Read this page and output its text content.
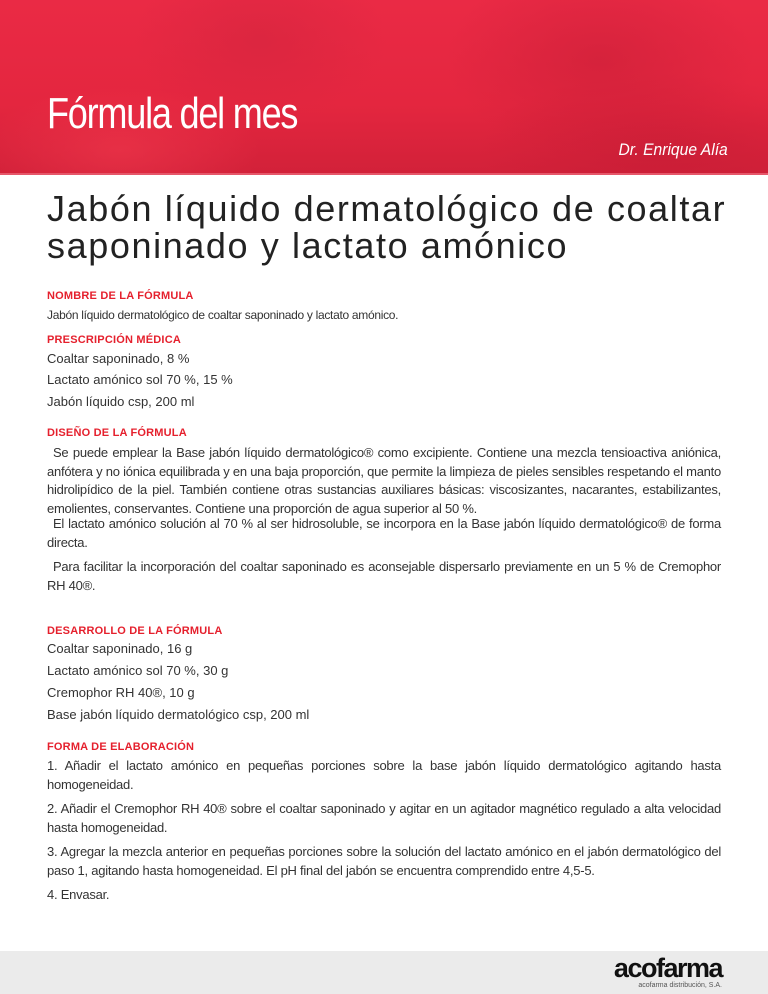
Fórmula del mes
Dr. Enrique Alía
Jabón líquido dermatológico de coaltar
saponinado y lactato amónico
NOMBRE DE LA FÓRMULA

Jabón líquido dermatológico de coaltar saponinado y lactato amónico.

PRESCRIPCIÓN MÉDICA

Coaltar saponinado, 8 %

Lactato amónico sol 70 %, 15 %

Jabón líquido csp, 200 ml

DISEÑO DE LA FÓRMULA

Se puede emplear la Base jabón líquido dermatológico® como excipiente. Contiene una mezcla tensioactiva aniónica, anfótera y no iónica equilibrada y en una baja proporción, que permite la limpieza de pieles sensibles respetando el manto hidrolipídico de la piel. También contiene otras sustancias auxiliares básicas: viscosizantes, nacarantes, estabilizantes, emolientes, conservantes. Contiene una proporción de agua superior al 50 %.

El lactato amónico solución al 70 % al ser hidrosoluble, se incorpora en la Base jabón líquido dermatológico® de forma directa.

Para facilitar la incorporación del coaltar saponinado es aconsejable dispersarlo previamente en un 5 % de Cremophor RH 40®.

DESARROLLO DE LA FÓRMULA

Coaltar saponinado, 16 g

Lactato amónico sol 70 %, 30 g

Cremophor RH 40®, 10 g

Base jabón líquido dermatológico csp, 200 ml

FORMA DE ELABORACIÓN

1. Añadir el lactato amónico en pequeñas porciones sobre la base jabón líquido dermatológico agitando hasta homogeneidad.

2. Añadir el Cremophor RH 40® sobre el coaltar saponinado y agitar en un agitador magnético regulado a alta velocidad hasta homogeneidad.

3. Agregar la mezcla anterior en pequeñas porciones sobre la solución del lactato amónico en el jabón dermatológico del paso 1, agitando hasta homogeneidad. El pH final del jabón se encuentra comprendido entre 4,5-5.

4. Envasar.

acofarma
acofarma distribución, S.A.
